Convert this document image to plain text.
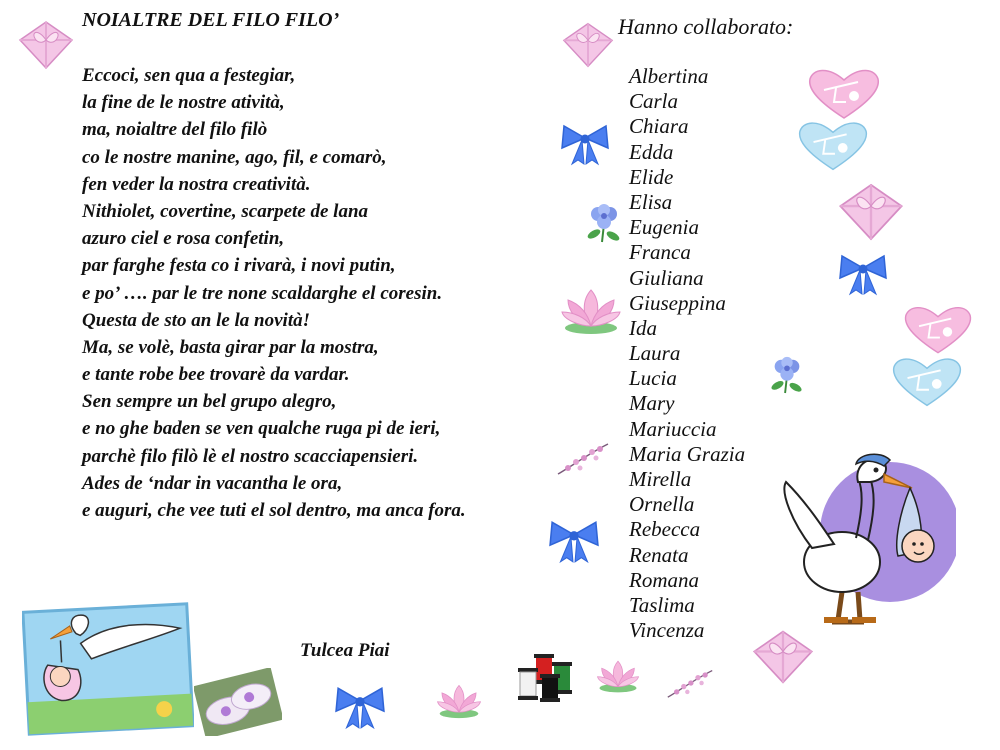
NOIALTRE DEL FILO FILO’
Eccoci, sen qua a festegiar,
la fine de le nostre atività,
ma, noialtre del filo filò
co le nostre manine, ago, fil, e comarò,
fen veder la nostra creatività.
Nithiolet, covertine, scarpete de lana
azuro ciel e rosa confetin,
par farghe festa co i rivarà, i novi putin,
e po’ …. par le tre none scaldarghe el coresin.
Questa de sto an le la novità!
Ma, se volè, basta girar par la mostra,
e tante robe bee trovarè da vardar.
Sen sempre un bel grupo alegro,
e no ghe baden se ven qualche ruga pi de ieri,
parchè filo filò lè el nostro scacciapensieri.
Ades de ‘ndar in vacantha le ora,
e auguri, che vee tuti el sol dentro, ma anca fora.
Tulcea Piai
Hanno collaborato:
Albertina
Carla
Chiara
Edda
Elide
Elisa
Eugenia
Franca
Giuliana
Giuseppina
Ida
Laura
Lucia
Mary
Mariuccia
Maria Grazia
Mirella
Ornella
Rebecca
Renata
Romana
Taslima
Vincenza
